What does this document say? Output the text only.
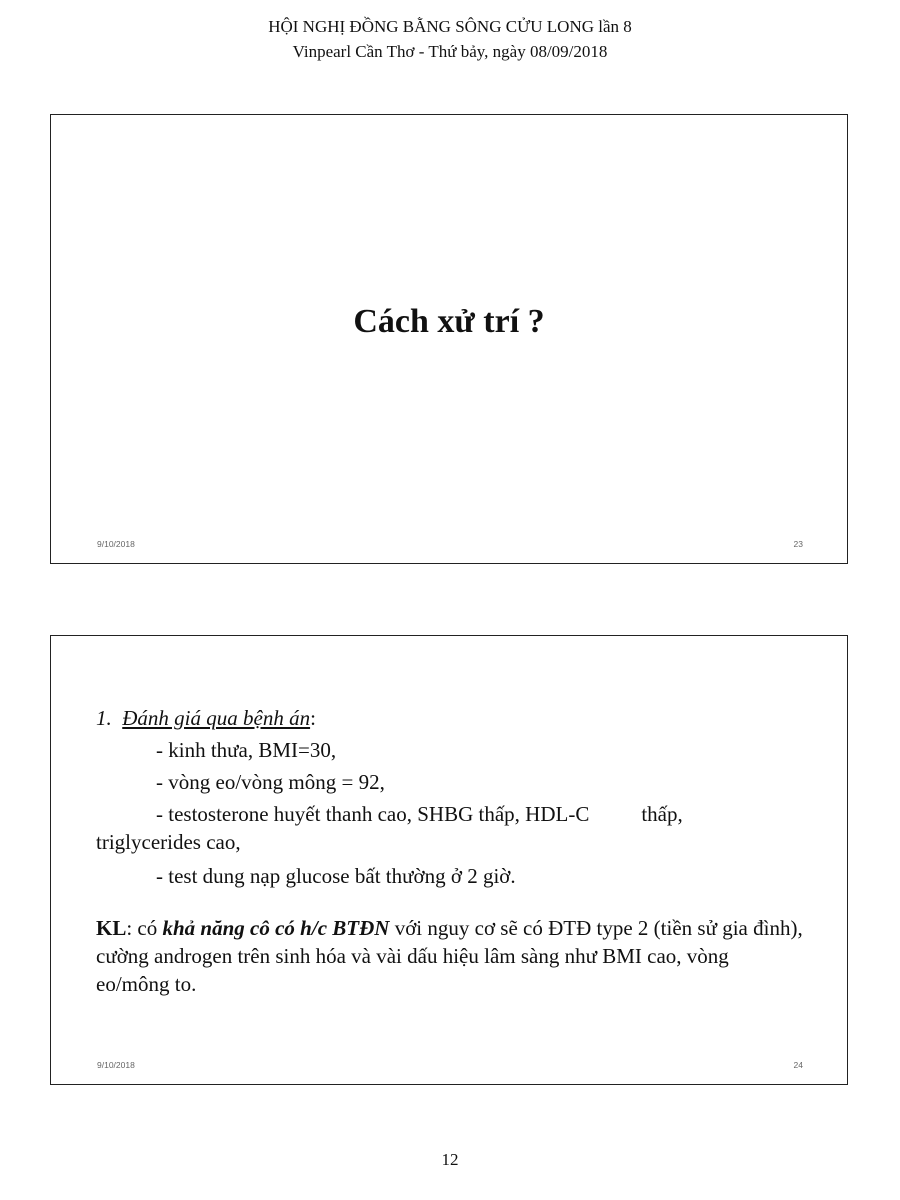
HỘI NGHỊ ĐỒNG BẰNG SÔNG CỬU LONG lần 8
Vinpearl Cần Thơ - Thứ bảy, ngày 08/09/2018
Cách xử trí ?
9/10/2018	23
1. Đánh giá qua bệnh án:
- kinh thưa, BMI=30,
- vòng eo/vòng mông = 92,
- testosterone huyết thanh cao, SHBG thấp, HDL-C thấp,
triglycerides cao,
- test dung nạp glucose bất thường ở 2 giờ.
KL: có khả năng cô có h/c BTĐN với nguy cơ sẽ có ĐTĐ type 2 (tiền sử gia đình), cường androgen trên sinh hóa và vài dấu hiệu lâm sàng như BMI cao, vòng eo/mông to.
9/10/2018	24
12
